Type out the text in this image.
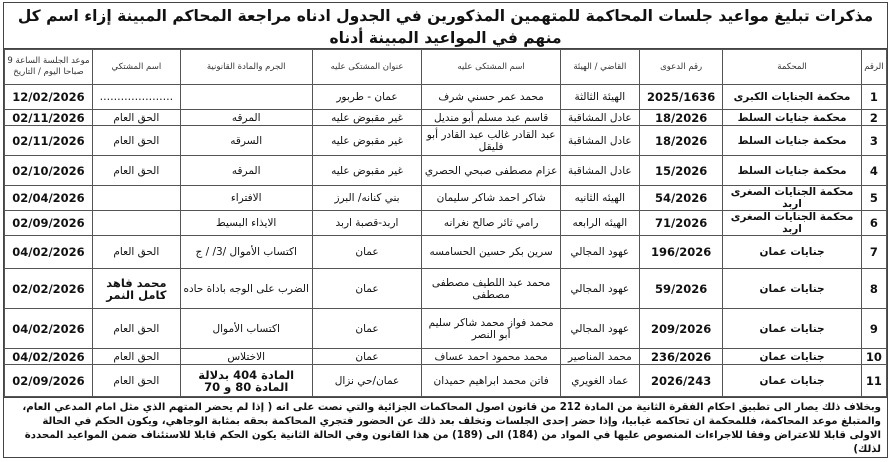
مذكرات تبليغ مواعيد جلسات المحاكمة للمتهمين المذكورين في الجدول ادناه مراجعة المحاكم المبينة إزاء اسم كل منهم في المواعيد المبينة أدناه
الرقم	المحكمة	رقم الدعوى	القاضي / الهيئة	اسم المشتكى عليه	عنوان المشتكى عليه	الجرم والمادة القانونية	اسم المشتكي	موعد الجلسة الساعة 9 صباحا اليوم / التاريخ
1	محكمة الجنايات الكبرى	2025/1636	الهيئة الثالثة	محمد عمر حسني شرف	عمان - طربور		…………………	12/02/2026
2	محكمة جنايات السلط	18/2026	عادل المشاقبة	قاسم عبد مسلم أبو منديل	غير مقبوض عليه	المرقه	الحق العام	02/11/2026
3	محكمة جنايات السلط	18/2026	عادل المشاقبة	عبد القادر غالب عبد القادر أبو فليقل	غير مقبوض عليه	السرقه	الحق العام	02/11/2026
4	محكمة جنايات السلط	15/2026	عادل المشاقبة	عزام مصطفى صبحي الحصري	غير مقبوض عليه	المرقه	الحق العام	02/10/2026
5	محكمة الجنايات الصغرى اربد	54/2026	الهيئه الثانيه	شاكر احمد شاكر سليمان	بني كنانه/ البرز	الافتراء		02/04/2026
6	محكمة الجنايات الصغرى اربد	71/2026	الهيئه الرابعه	رامي ثائر صالح نغرانه	اربد-قصبة اربد	الايذاء البسيط		02/09/2026
7	جنايات عمان	196/2026	عهود المجالي	سرين بكر حسين الحسامسه	عمان	اكتساب الأموال /3/ / ج	الحق العام	04/02/2026
8	جنايات عمان	59/2026	عهود المجالي	محمد عبد اللطيف مصطفى مصطفى	عمان	الضرب على الوجه باداة حاده	محمد فاهد كامل النمر	02/02/2026
9	جنايات عمان	209/2026	عهود المجالي	محمد فواز محمد شاكر سليم أبو النصر	عمان	اكتساب الأموال	الحق العام	04/02/2026
10	جنايات عمان	236/2026	محمد المناصير	محمد محمود احمد عساف	عمان	الاختلاس	الحق العام	04/02/2026
11	جنايات عمان	2026/243	عماد الغويري	فاتن محمد ابراهيم حميدان	عمان/حي نزال	المادة 404 بدلالة المادة 80 و 70	الحق العام	02/09/2026
وبخلاف ذلك يصار الى تطبيق احكام الفقرة الثانية من المادة 212 من قانون اصول المحاكمات الجزائية والتي نصت على انه ( إذا لم يحضر المتهم الذي مثل امام المدعي العام، والمتبلغ موعد المحاكمة، فللمحكمة ان تحاكمه غيابيا، وإذا حضر إحدى الجلسات وتخلف بعد ذلك عن الحضور فتجري المحاكمة بحقه بمثابة الوجاهي، ويكون الحكم في الحالة الاولى قابلا للاعتراض وفقا للاجراءات المنصوص عليها في المواد من (184) الى (189) من هذا القانون وفي الحالة الثانية يكون الحكم قابلا للاستئناف ضمن المواعيد المحددة لذلك)
